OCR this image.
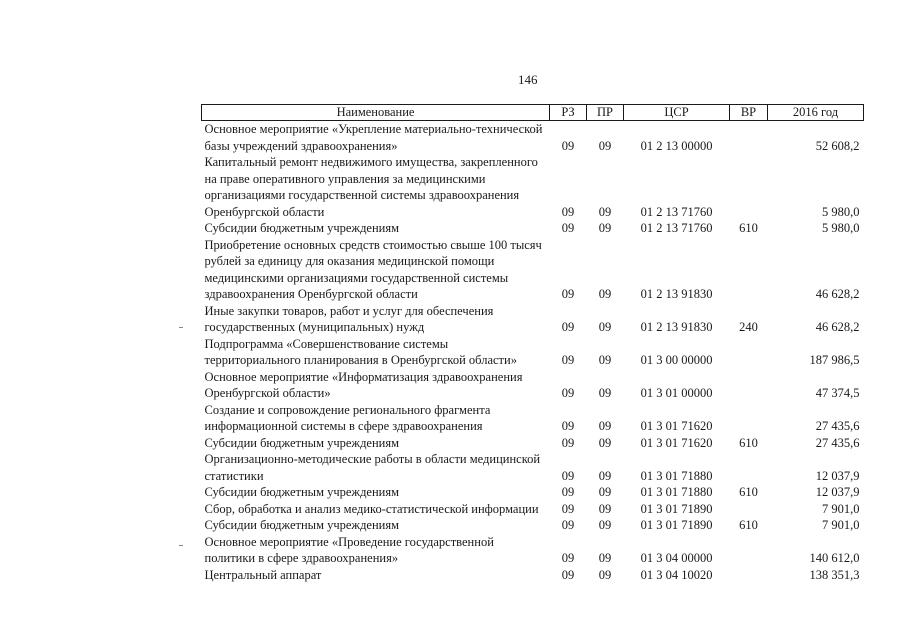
146
Наименование	РЗ	ПР	ЦСР	ВР	2016 год
Основное мероприятие «Укрепление материально-технической базы учреждений здравоохранения»	09	09	01 2 13 00000		52 608,2
Капитальный ремонт недвижимого имущества, закрепленного на праве оперативного управления за медицинскими организациями государственной системы здравоохранения Оренбургской области	09	09	01 2 13 71760		5 980,0
Субсидии бюджетным учреждениям	09	09	01 2 13 71760	610	5 980,0
Приобретение основных средств стоимостью свыше 100 тысяч рублей за единицу для оказания медицинской помощи медицинскими организациями государственной системы здравоохранения Оренбургской области	09	09	01 2 13 91830		46 628,2
Иные закупки товаров, работ и услуг для обеспечения государственных (муниципальных) нужд	09	09	01 2 13 91830	240	46 628,2
Подпрограмма «Совершенствование системы территориального планирования в Оренбургской области»	09	09	01 3 00 00000		187 986,5
Основное мероприятие «Информатизация здравоохранения Оренбургской области»	09	09	01 3 01 00000		47 374,5
Создание и сопровождение регионального фрагмента информационной системы в сфере здравоохранения	09	09	01 3 01 71620		27 435,6
Субсидии бюджетным учреждениям	09	09	01 3 01 71620	610	27 435,6
Организационно-методические работы в области медицинской статистики	09	09	01 3 01 71880		12 037,9
Субсидии бюджетным учреждениям	09	09	01 3 01 71880	610	12 037,9
Сбор, обработка и анализ медико-статистической информации	09	09	01 3 01 71890		7 901,0
Субсидии бюджетным учреждениям	09	09	01 3 01 71890	610	7 901,0
Основное мероприятие «Проведение государственной политики в сфере здравоохранения»	09	09	01 3 04 00000		140 612,0
Центральный аппарат	09	09	01 3 04 10020		138 351,3
